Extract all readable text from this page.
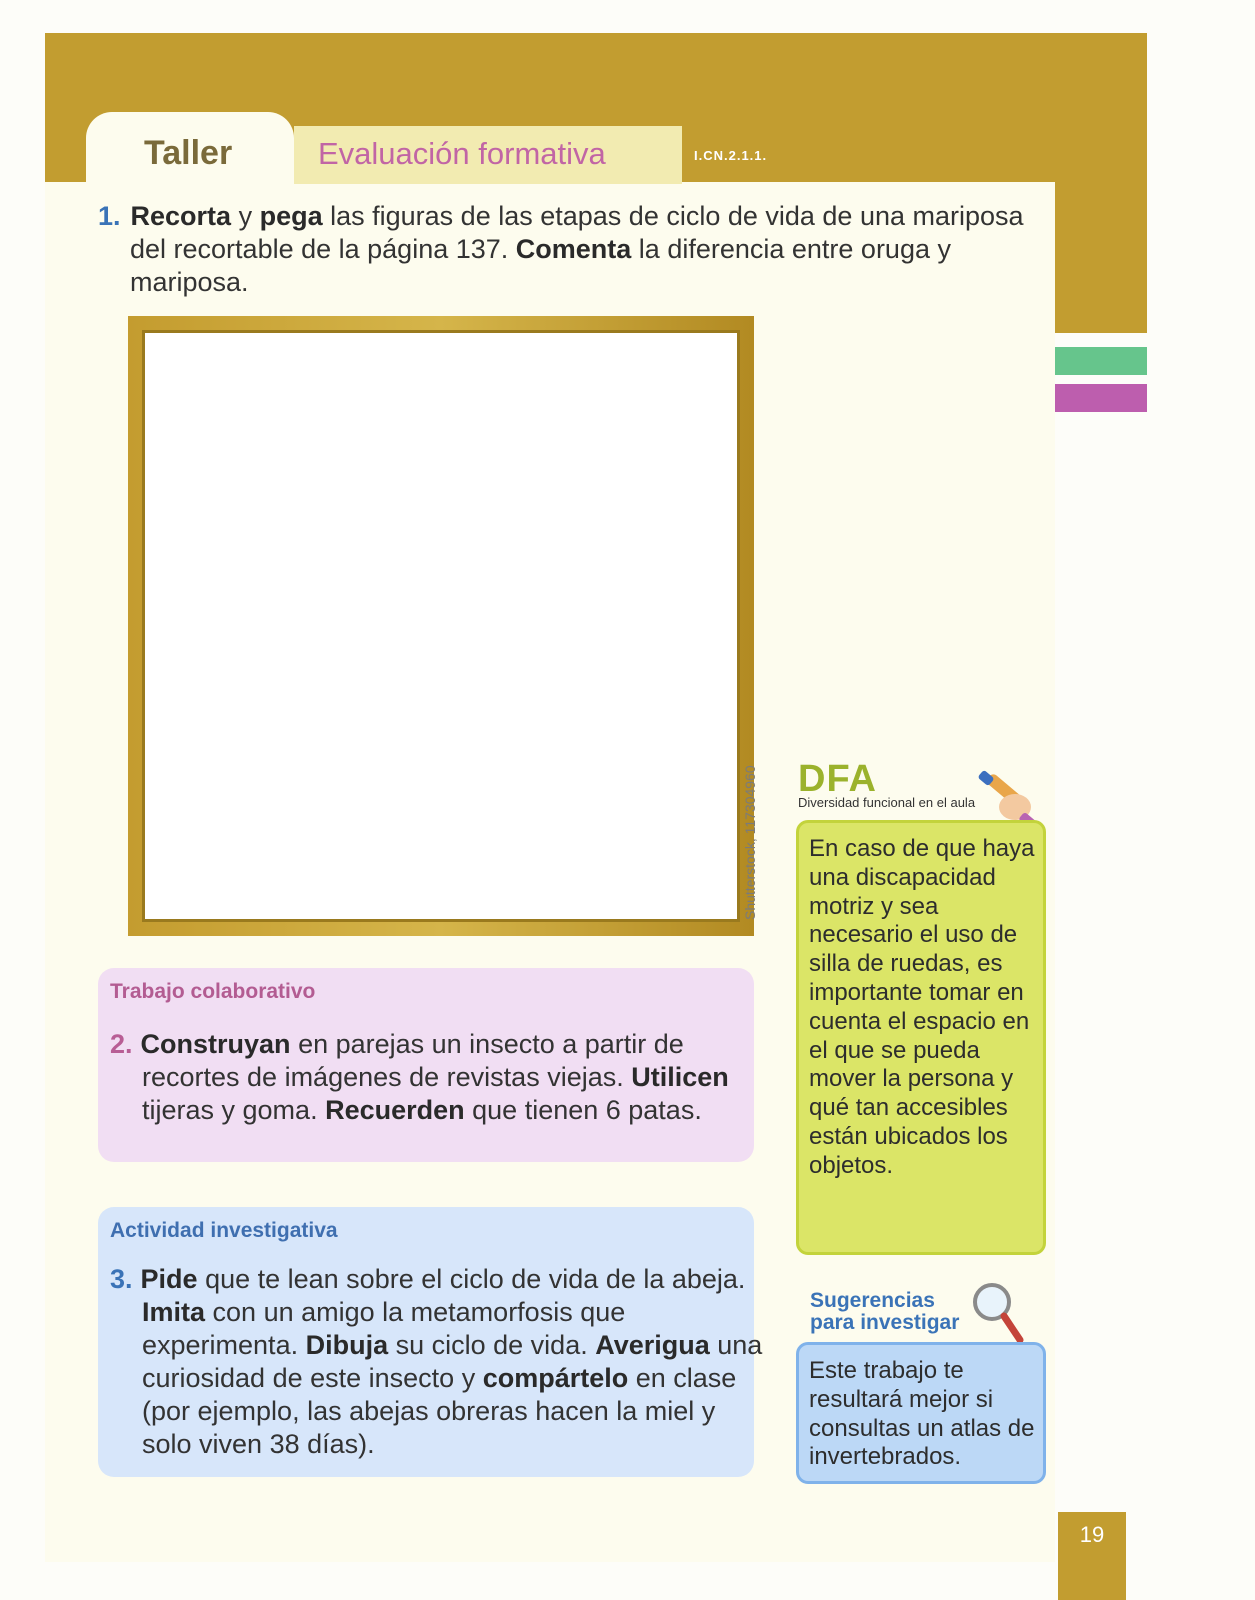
Taller	Evaluación formativa	I.CN.2.1.1.
1. Recorta y pega las figuras de las etapas de ciclo de vida de una mariposa del recortable de la página 137. Comenta la diferencia entre oruga y mariposa.
Shutterstock, 117304960
Trabajo colaborativo
2. Construyan en parejas un insecto a partir de recortes de imágenes de revistas viejas. Utilicen tijeras y goma. Recuerden que tienen 6 patas.
Actividad investigativa
3. Pide que te lean sobre el ciclo de vida de la abeja. Imita con un amigo la metamorfosis que experimenta. Dibuja su ciclo de vida. Averigua una curiosidad de este insecto y compártelo en clase (por ejemplo, las abejas obreras hacen la miel y solo viven 38 días).
DFA
Diversidad funcional en el aula
En caso de que haya una discapacidad motriz y sea necesario el uso de silla de ruedas, es importante tomar en cuenta el espacio en el que se pueda mover la persona y qué tan accesibles están ubicados los objetos.
Sugerencias
para investigar
Este trabajo te resultará mejor si consultas un atlas de invertebrados.
19
